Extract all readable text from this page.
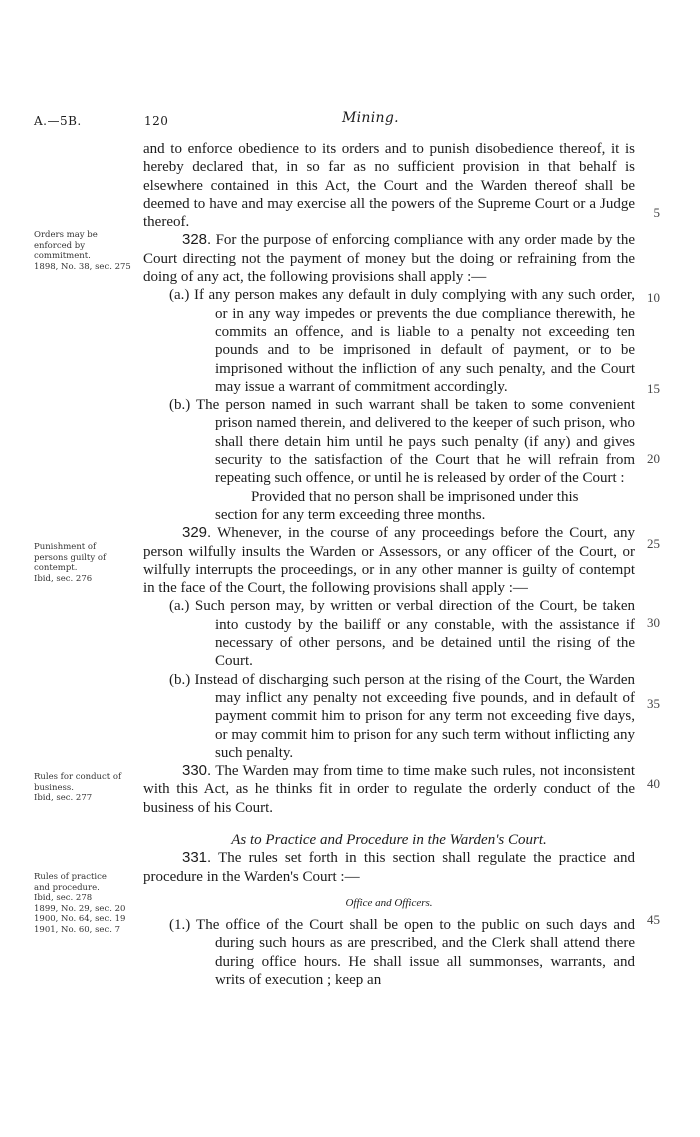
A.—5B.	120	Mining.

and to enforce obedience to its orders and to punish disobedience thereof, it is hereby declared that, in so far as no sufficient provision in that behalf is elsewhere contained in this Act, the Court and the Warden thereof shall be deemed to have and may exercise all the powers of the Supreme Court or a Judge thereof.

328. For the purpose of enforcing compliance with any order made by the Court directing not the payment of money but the doing or refraining from the doing of any act, the following provisions shall apply :—

(a.) If any person makes any default in duly complying with any such order, or in any way impedes or prevents the due compliance therewith, he commits an offence, and is liable to a penalty not exceeding ten pounds and to be imprisoned in default of payment, or to be imprisoned without the infliction of any such penalty, and the Court may issue a warrant of commitment accordingly.

(b.) The person named in such warrant shall be taken to some convenient prison named therein, and delivered to the keeper of such prison, who shall there detain him until he pays such penalty (if any) and gives security to the satisfaction of the Court that he will refrain from repeating such offence, or until he is released by order of the Court :

Provided that no person shall be imprisoned under this

section for any term exceeding three months.

329. Whenever, in the course of any proceedings before the Court, any person wilfully insults the Warden or Assessors, or any officer of the Court, or wilfully interrupts the proceedings, or in any other manner is guilty of contempt in the face of the Court, the following provisions shall apply :—

(a.) Such person may, by written or verbal direction of the Court, be taken into custody by the bailiff or any constable, with the assistance if necessary of other persons, and be detained until the rising of the Court.

(b.) Instead of discharging such person at the rising of the Court, the Warden may inflict any penalty not exceeding five pounds, and in default of payment commit him to prison for any term not exceeding five days, or may commit him to prison for any such term without inflicting any such penalty.

330. The Warden may from time to time make such rules, not inconsistent with this Act, as he thinks fit in order to regulate the orderly conduct of the business of his Court.

As to Practice and Procedure in the Warden's Court.

331. The rules set forth in this section shall regulate the practice and procedure in the Warden's Court :—

Office and Officers.

(1.) The office of the Court shall be open to the public on such days and during such hours as are prescribed, and the Clerk shall attend there during office hours. He shall issue all summonses, warrants, and writs of execution ; keep an

Orders may be
enforced by
commitment.
1898, No. 38, sec. 275
Punishment of
persons guilty of
contempt.
Ibid, sec. 276
Rules for conduct of
business.
Ibid, sec. 277
Rules of practice
and procedure.
Ibid, sec. 278
1899, No. 29, sec. 20
1900, No. 64, sec. 19
1901, No. 60, sec. 7
5
10
15
20
25
30
35
40
45
